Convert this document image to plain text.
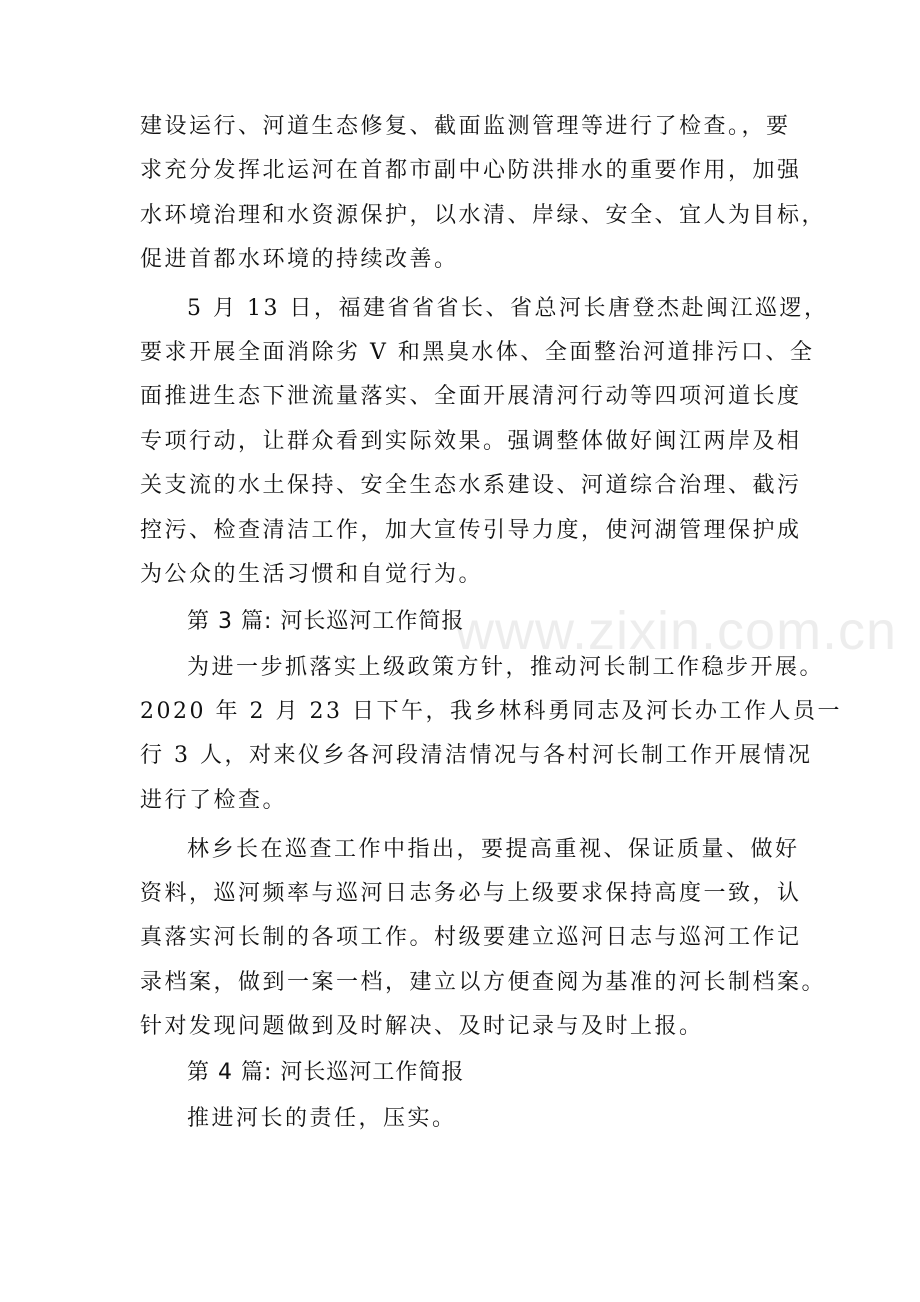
www.zixin.com.cn
建设运行、河道生态修复、截面监测管理等进行了检查。，要
求充分发挥北运河在首都市副中心防洪排水的重要作用，加强
水环境治理和水资源保护，以水清、岸绿、安全、宜人为目标，
促进首都水环境的持续改善。
5 月 13 日，福建省省省长、省总河长唐登杰赴闽江巡逻，
要求开展全面消除劣 V 和黑臭水体、全面整治河道排污口、全
面推进生态下泄流量落实、全面开展清河行动等四项河道长度
专项行动，让群众看到实际效果。强调整体做好闽江两岸及相
关支流的水土保持、安全生态水系建设、河道综合治理、截污
控污、检查清洁工作，加大宣传引导力度，使河湖管理保护成
为公众的生活习惯和自觉行为。
第 3 篇: 河长巡河工作简报
为进一步抓落实上级政策方针，推动河长制工作稳步开展。
2020 年 2 月 23 日下午，我乡林科勇同志及河长办工作人员一
行 3 人，对来仪乡各河段清洁情况与各村河长制工作开展情况
进行了检查。
林乡长在巡查工作中指出，要提高重视、保证质量、做好
资料，巡河频率与巡河日志务必与上级要求保持高度一致，认
真落实河长制的各项工作。村级要建立巡河日志与巡河工作记
录档案，做到一案一档，建立以方便查阅为基准的河长制档案。
针对发现问题做到及时解决、及时记录与及时上报。
第 4 篇: 河长巡河工作简报
推进河长的责任，压实。
